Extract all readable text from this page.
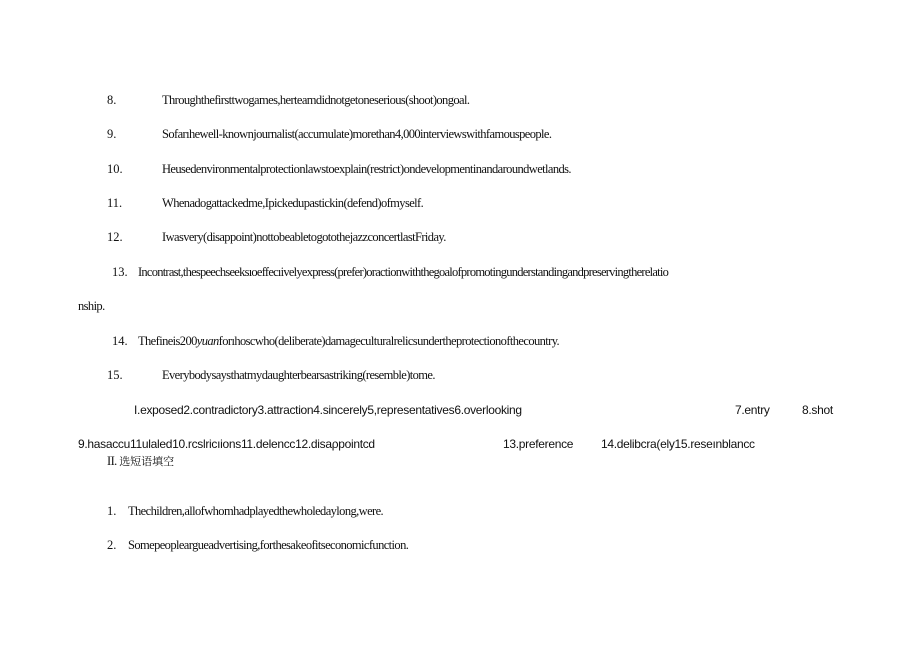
8.	Throughthefirsttwogames,herteamdidnotgetoneserious(shoot)ongoal.
9.	Sofarıhewell-knownjournalist(accumulate)morethan4,000interviewswithfamouspeople.
10.	Heusedenvironmentalprotectionlawstoexplain(restrict)ondevelopmentinandaroundwetlands.
11.	Whenadogattackedme,Ipickedupastickin(defend)ofmyself.
12.	Iwasvery(disappoint)nottobeabletogotothejazzconcertlastFriday.
13. Incontrast,thespeechseeksıoeffecıivelyexpress(prefer)oractionwiththegoalofpromotingunderstandingandpreservingtherelatio
nship.
14. Thefineis200yuanforıhoscwho(deliberate)damageculturalrelicsundertheprotectionofthecountry.
15.	Everybodysaysthatmydaughterbearsastriking(resemble)tome.
I.exposed2.contradictory3.attraction4.sincerely5,representatives6.overlooking	7.entry	8.shot
9.hasaccu11ulaled10.rcslricıions11.delencc12.disaρpointcd	13.preference 14.delibcra(ely15.reseınblancc
II. 选短语填空
1. Thechildren,allofwhomhadplayedthewholedaylong,were.
2. Somepeopleargueadvertising,forthesakeofitseconomicfunction.
